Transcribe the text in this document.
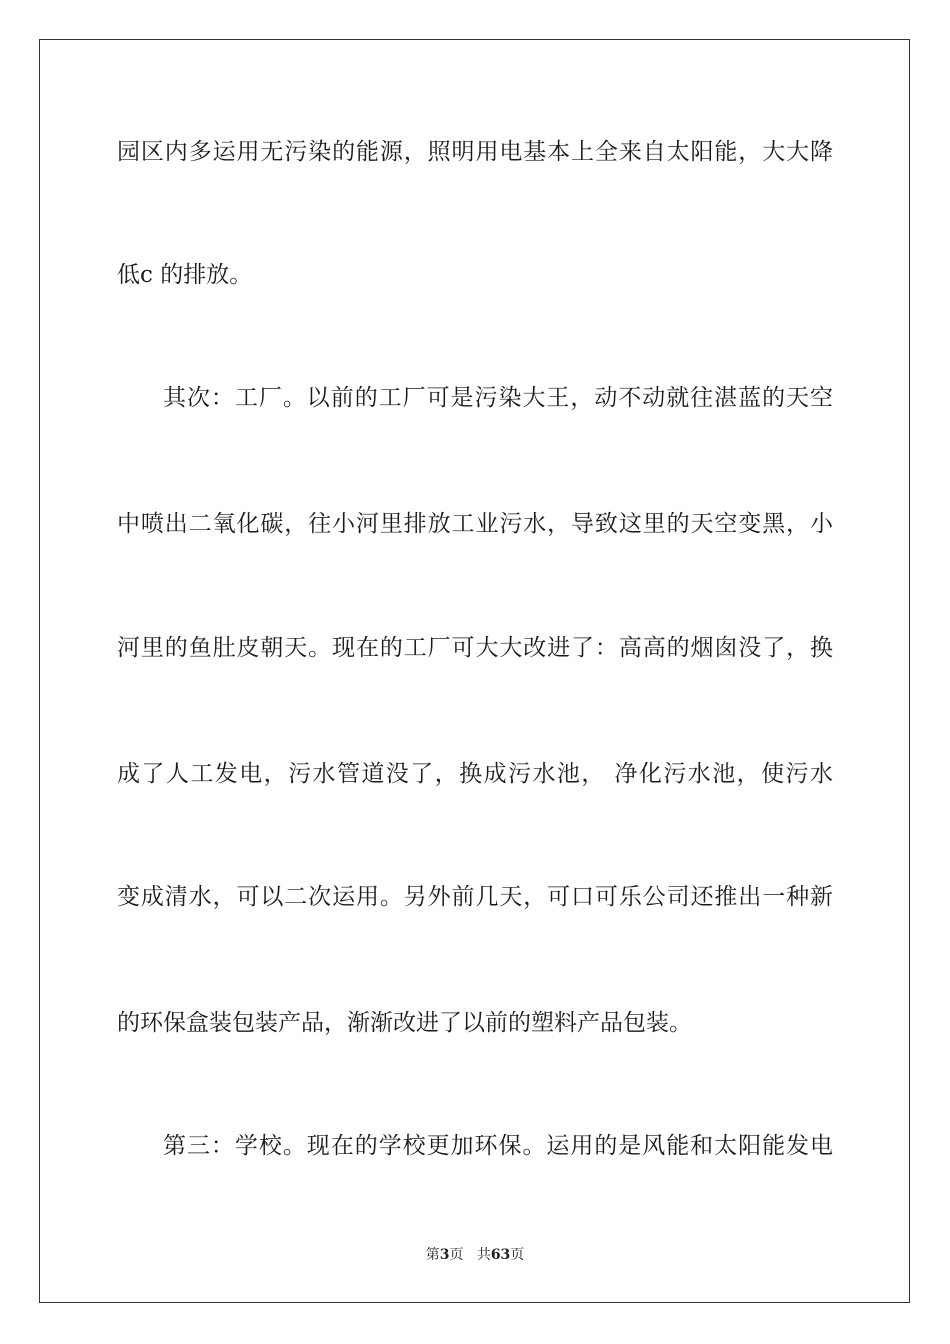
园区内多运用无污染的能源，照明用电基本上全来自太阳能，大大降
低c 的排放。
其次：工厂。以前的工厂可是污染大王，动不动就往湛蓝的天空
中喷出二氧化碳，往小河里排放工业污水，导致这里的天空变黑，小
河里的鱼肚皮朝天。现在的工厂可大大改进了：高高的烟囱没了，换
成了人工发电，污水管道没了，换成污水池， 净化污水池，使污水
变成清水，可以二次运用。另外前几天，可口可乐公司还推出一种新
的环保盒装包装产品，渐渐改进了以前的塑料产品包装。
第三：学校。现在的学校更加环保。运用的是风能和太阳能发电
第3页 共63页
